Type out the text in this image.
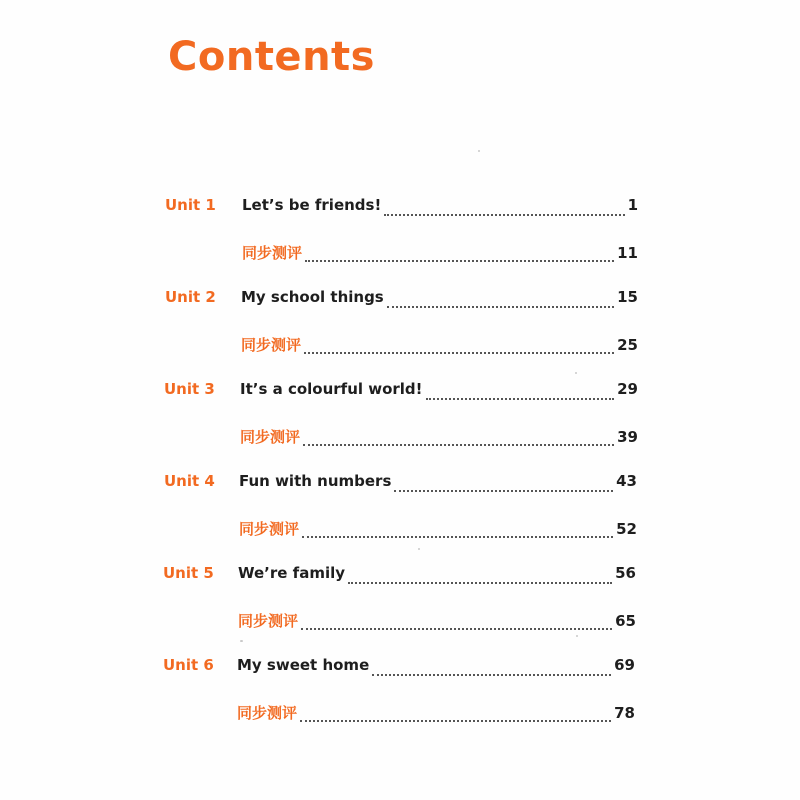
Contents
Unit 1	Let’s be friends!	1
同步测评	11
Unit 2	My school things	15
同步测评	25
Unit 3	It’s a colourful world!	29
同步测评	39
Unit 4	Fun with numbers	43
同步测评	52
Unit 5	We’re family	56
同步测评	65
Unit 6	My sweet home	69
同步测评	78
